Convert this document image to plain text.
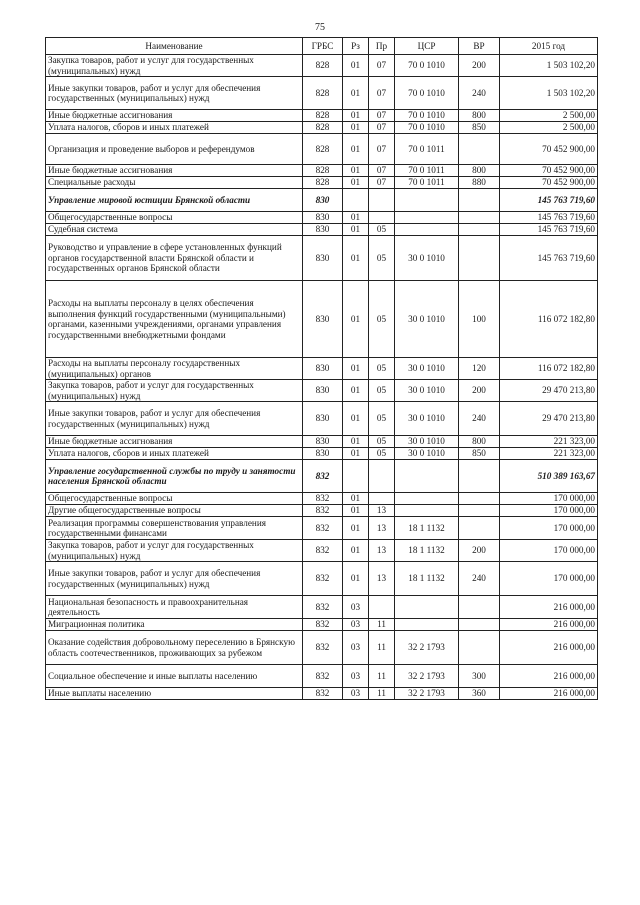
75
Наименование	ГРБС	Рз	Пр	ЦСР	ВР	2015 год
Закупка товаров, работ и услуг для государственных (муниципальных) нужд	828	01	07	70 0 1010	200	1 503 102,20
Иные закупки товаров, работ и услуг для обеспечения государственных (муниципальных) нужд	828	01	07	70 0 1010	240	1 503 102,20
Иные бюджетные ассигнования	828	01	07	70 0 1010	800	2 500,00
Уплата налогов, сборов и иных платежей	828	01	07	70 0 1010	850	2 500,00
Организация и проведение выборов и референдумов	828	01	07	70 0 1011		70 452 900,00
Иные бюджетные ассигнования	828	01	07	70 0 1011	800	70 452 900,00
Специальные расходы	828	01	07	70 0 1011	880	70 452 900,00
Управление мировой юстиции Брянской области	830					145 763 719,60
Общегосударственные вопросы	830	01				145 763 719,60
Судебная система	830	01	05			145 763 719,60
Руководство и управление в сфере установленных функций органов государственной власти Брянской области и государственных органов Брянской области	830	01	05	30 0 1010		145 763 719,60
Расходы на выплаты персоналу в целях обеспечения выполнения функций государственными (муниципальными) органами, казенными учреждениями, органами управления государственными внебюджетными фондами	830	01	05	30 0 1010	100	116 072 182,80
Расходы на выплаты персоналу государственных (муниципальных) органов	830	01	05	30 0 1010	120	116 072 182,80
Закупка товаров, работ и услуг для государственных (муниципальных) нужд	830	01	05	30 0 1010	200	29 470 213,80
Иные закупки товаров, работ и услуг для обеспечения государственных (муниципальных) нужд	830	01	05	30 0 1010	240	29 470 213,80
Иные бюджетные ассигнования	830	01	05	30 0 1010	800	221 323,00
Уплата налогов, сборов и иных платежей	830	01	05	30 0 1010	850	221 323,00
Управление государственной службы по труду и занятости населения Брянской области	832					510 389 163,67
Общегосударственные вопросы	832	01				170 000,00
Другие общегосударственные вопросы	832	01	13			170 000,00
Реализация программы совершенствования управления государственными финансами	832	01	13	18 1 1132		170 000,00
Закупка товаров, работ и услуг для государственных (муниципальных) нужд	832	01	13	18 1 1132	200	170 000,00
Иные закупки товаров, работ и услуг для обеспечения государственных (муниципальных) нужд	832	01	13	18 1 1132	240	170 000,00
Национальная безопасность и правоохранительная деятельность	832	03				216 000,00
Миграционная политика	832	03	11			216 000,00
Оказание содействия добровольному переселению в Брянскую область соотечественников, проживающих за рубежом	832	03	11	32 2 1793		216 000,00
Социальное обеспечение и иные выплаты населению	832	03	11	32 2 1793	300	216 000,00
Иные выплаты населению	832	03	11	32 2 1793	360	216 000,00
